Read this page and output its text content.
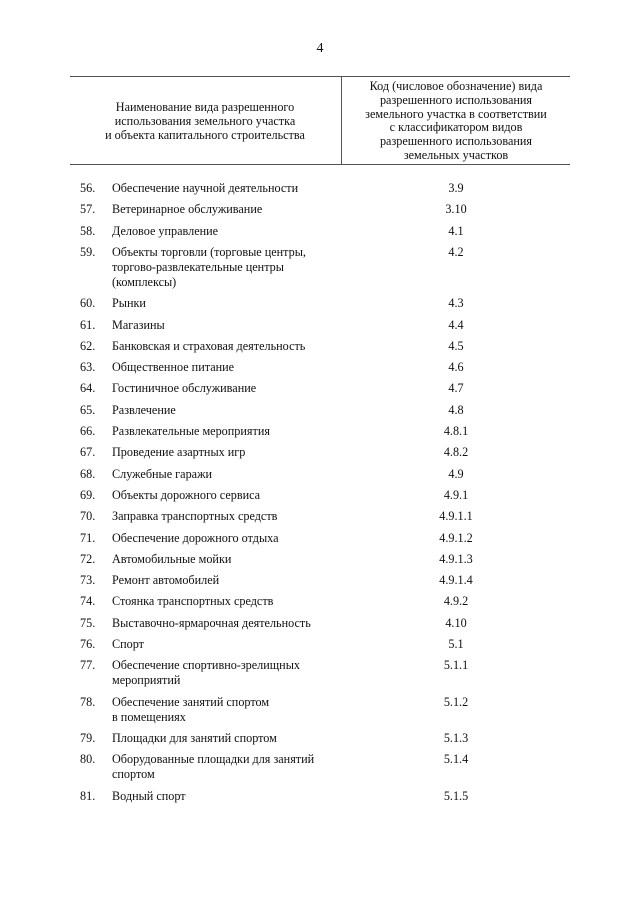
4
Наименование вида разрешенного
использования земельного участка
и объекта капитального строительства
Код (числовое обозначение) вида
разрешенного использования
земельного участка в соответствии
с классификатором видов
разрешенного использования
земельных участков
56. Обеспечение научной деятельности	3.9
57. Ветеринарное обслуживание	3.10
58. Деловое управление	4.1
59. Объекты торговли (торговые центры,
торгово-развлекательные центры
(комплексы)
4.2
60. Рынки	4.3
61. Магазины	4.4
62. Банковская и страховая деятельность	4.5
63. Общественное питание	4.6
64. Гостиничное обслуживание	4.7
65. Развлечение	4.8
66. Развлекательные мероприятия	4.8.1
67. Проведение азартных игр	4.8.2
68. Служебные гаражи	4.9
69. Объекты дорожного сервиса	4.9.1
70. Заправка транспортных средств	4.9.1.1
71. Обеспечение дорожного отдыха	4.9.1.2
72. Автомобильные мойки	4.9.1.3
73. Ремонт автомобилей	4.9.1.4
74. Стоянка транспортных средств	4.9.2
75. Выставочно-ярмарочная деятельность	4.10
76. Спорт	5.1
77. Обеспечение спортивно-зрелищных
мероприятий
5.1.1
78. Обеспечение занятий спортом
в помещениях
5.1.2
79. Площадки для занятий спортом	5.1.3
80. Оборудованные площадки для занятий
спортом
5.1.4
81. Водный спорт	5.1.5
